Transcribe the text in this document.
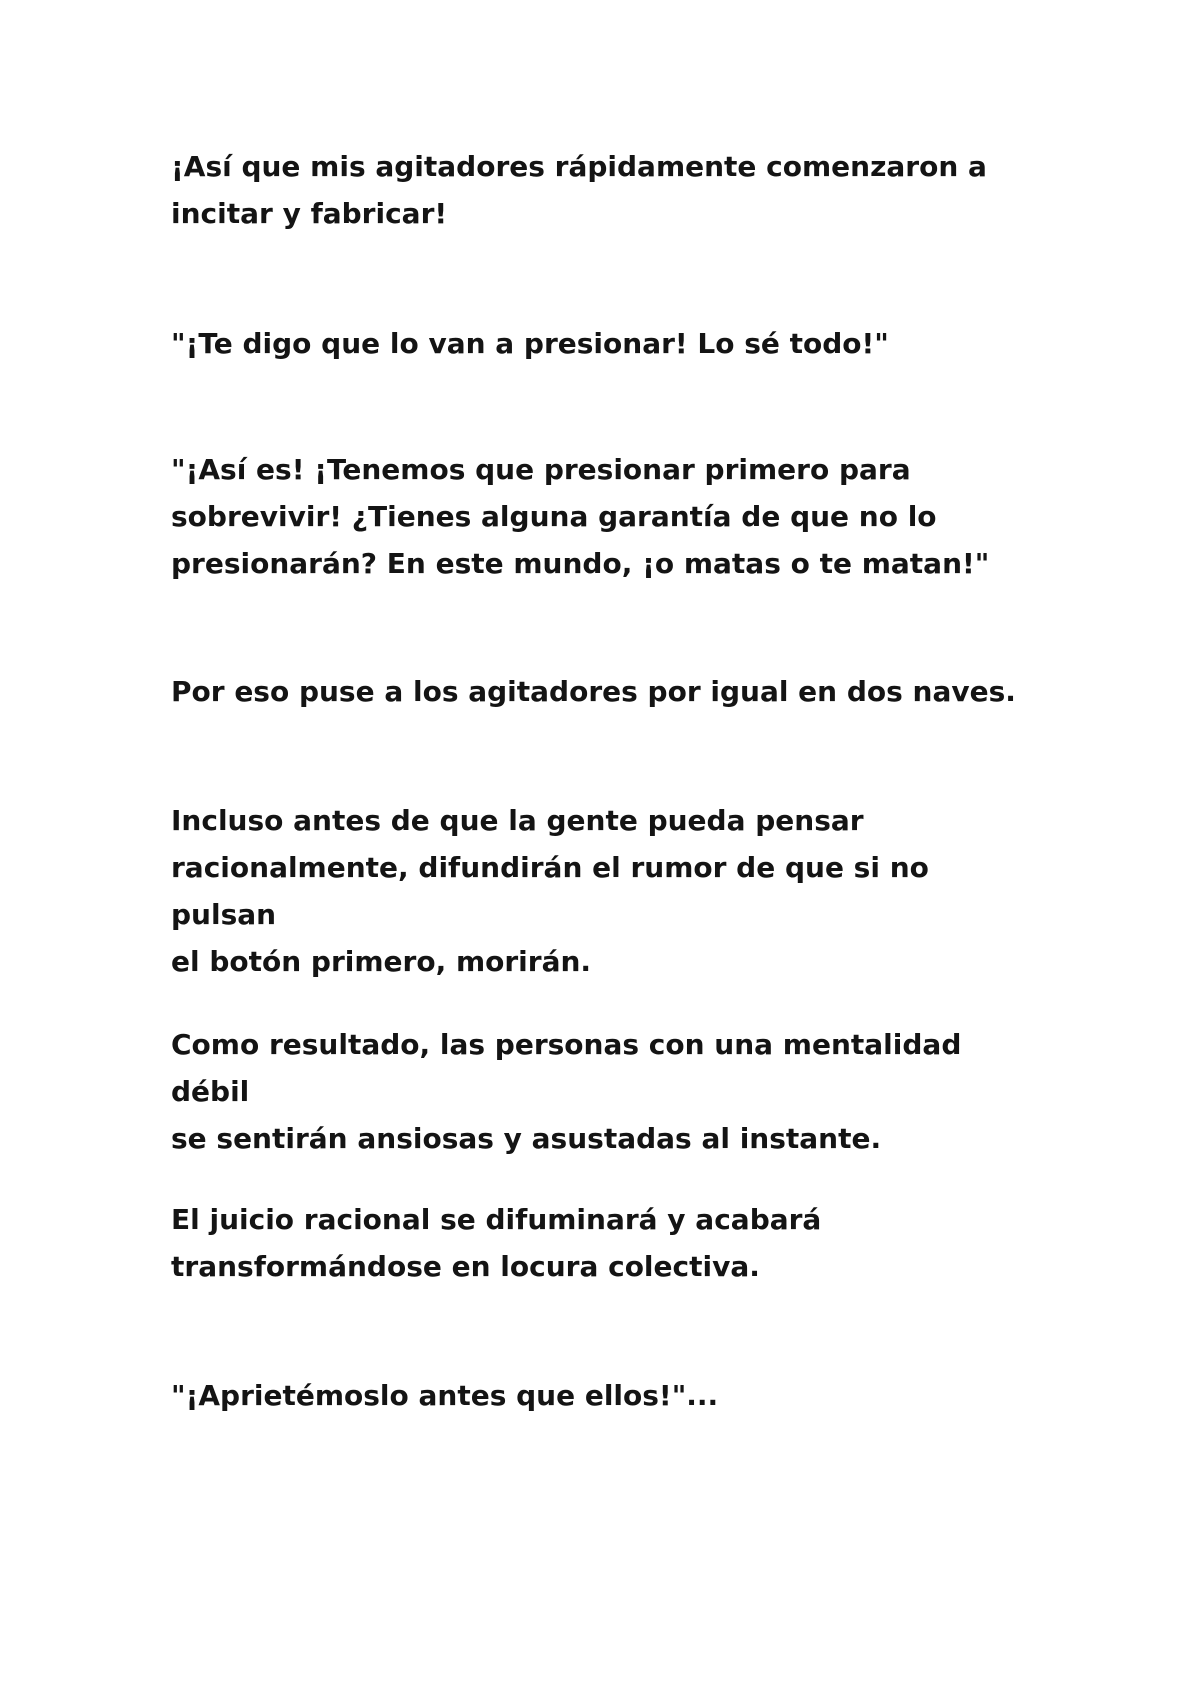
¡Así que mis agitadores rápidamente comenzaron a
incitar y fabricar!

"¡Te digo que lo van a presionar! Lo sé todo!"

"¡Así es! ¡Tenemos que presionar primero para
sobrevivir! ¿Tienes alguna garantía de que no lo
presionarán? En este mundo, ¡o matas o te matan!"

Por eso puse a los agitadores por igual en dos naves.

Incluso antes de que la gente pueda pensar
racionalmente, difundirán el rumor de que si no pulsan
el botón primero, morirán.

Como resultado, las personas con una mentalidad débil
se sentirán ansiosas y asustadas al instante.

El juicio racional se difuminará y acabará
transformándose en locura colectiva.

"¡Aprietémoslo antes que ellos!"...
